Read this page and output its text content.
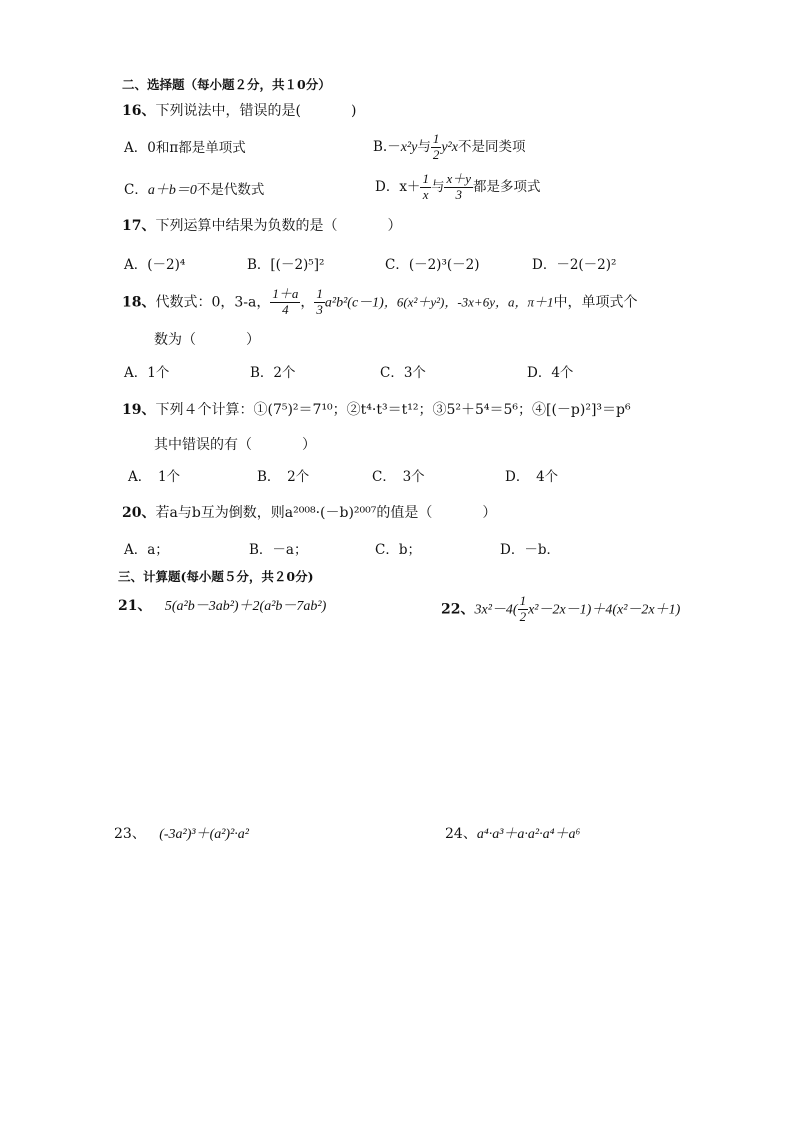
二、选择题（每小题２分，共１0分）
16、下列说法中，错误的是(	)
A．0和π都是单项式	B.－x²y与 $\frac{1}{2} y^2x$不是同类项
C．a＋b＝0不是代数式	D．$x+ \frac{1}{x}$ 与 $\frac{x+y}{3}$ 都是多项式
17、下列运算中结果为负数的是（	）
A．(－2)⁴	B．[(－2)⁵]²	C．(－2)³(－2)	D．－2(－2)²
18、代数式：0，3-a， $\frac{1+a}{4}$ ， $\frac{1}{3} a^2b^2(c-1)$，6(x²＋y²)，-3x+6y，a，π＋1中，单项式个
数为（	）
A．1个	B．2个	C．3个	D．4个
19、下列４个计算：①(7⁵)²＝7¹⁰；②t⁴·t³＝t¹²；③5²＋5⁴＝5⁶；④[(－p)²]³＝p⁶
其中错误的有（	）
A．　1个	B．　2个	C．　3个	D．　4个
20、若a与b互为倒数，则a²⁰⁰⁸·(－b)²⁰⁰⁷的值是（	）
A．a；	B．－a；	C．b；	D．－b．
三、计算题(每小题５分，共２0分)
21、 5(a²b－3ab²)＋2(a²b－7ab²)	22、$3x^2-4( \frac{1}{2} x^2-2x-1)+4(x^2-2x+1)$
23、 (-3a²)³＋(a²)²·a²	24、a⁴·a³＋a·a²·a⁴＋a⁶
